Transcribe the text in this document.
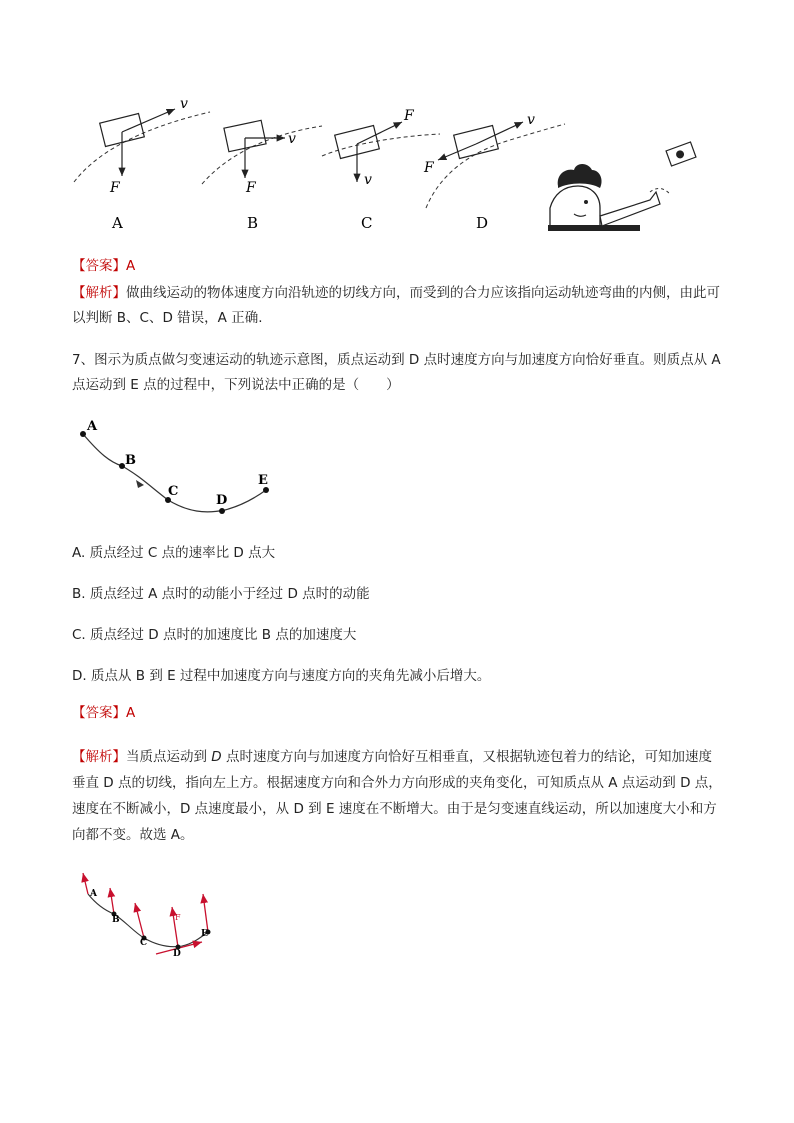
v
F
A
v
F
B
F
v
C
v
F
D
【答案】A
【解析】做曲线运动的物体速度方向沿轨迹的切线方向，而受到的合力应该指向运动轨迹弯曲的内侧，由此可以判断 B、C、D 错误，A 正确.
7、图示为质点做匀变速运动的轨迹示意图，质点运动到 D 点时速度方向与加速度方向恰好垂直。则质点从 A 点运动到 E 点的过程中，下列说法中正确的是（　　）
A
B
C
D
E
A. 质点经过 C 点的速率比 D 点大
B. 质点经过 A 点时的动能小于经过 D 点时的动能
C. 质点经过 D 点时的加速度比 B 点的加速度大
D. 质点从 B 到 E 过程中加速度方向与速度方向的夹角先减小后增大。
【答案】A
【解析】当质点运动到 D 点时速度方向与加速度方向恰好互相垂直，又根据轨迹包着力的结论，可知加速度垂直 D 点的切线，指向左上方。根据速度方向和合外力方向形成的夹角变化，可知质点从 A 点运动到 D 点，速度在不断减小，D 点速度最小，从 D 到 E 速度在不断增大。由于是匀变速直线运动，所以加速度大小和方向都不变。故选 A。
A
B
C
D
E
F
